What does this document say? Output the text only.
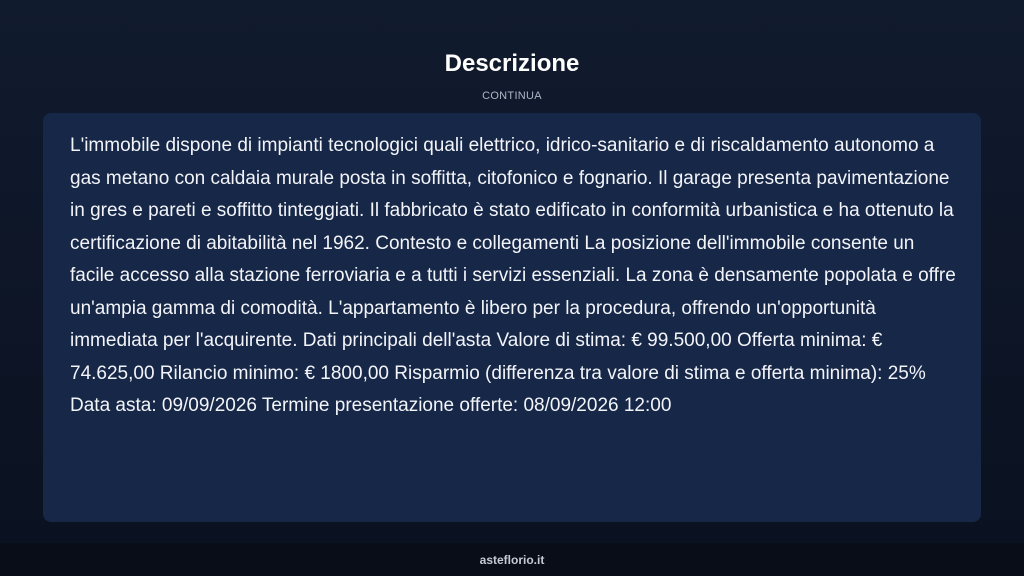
Descrizione
CONTINUA

L'immobile dispone di impianti tecnologici quali elettrico, idrico-sanitario e di riscaldamento autonomo a gas metano con caldaia murale posta in soffitta, citofonico e fognario. Il garage presenta pavimentazione in gres e pareti e soffitto tinteggiati. Il fabbricato è stato edificato in conformità urbanistica e ha ottenuto la certificazione di abitabilità nel 1962. Contesto e collegamenti La posizione dell'immobile consente un facile accesso alla stazione ferroviaria e a tutti i servizi essenziali. La zona è densamente popolata e offre un'ampia gamma di comodità. L'appartamento è libero per la procedura, offrendo un'opportunità immediata per l'acquirente. Dati principali dell'asta Valore di stima: € 99.500,00 Offerta minima: € 74.625,00 Rilancio minimo: € 1800,00 Risparmio (differenza tra valore di stima e offerta minima): 25% Data asta: 09/09/2026 Termine presentazione offerte: 08/09/2026 12:00

asteflorio.it
